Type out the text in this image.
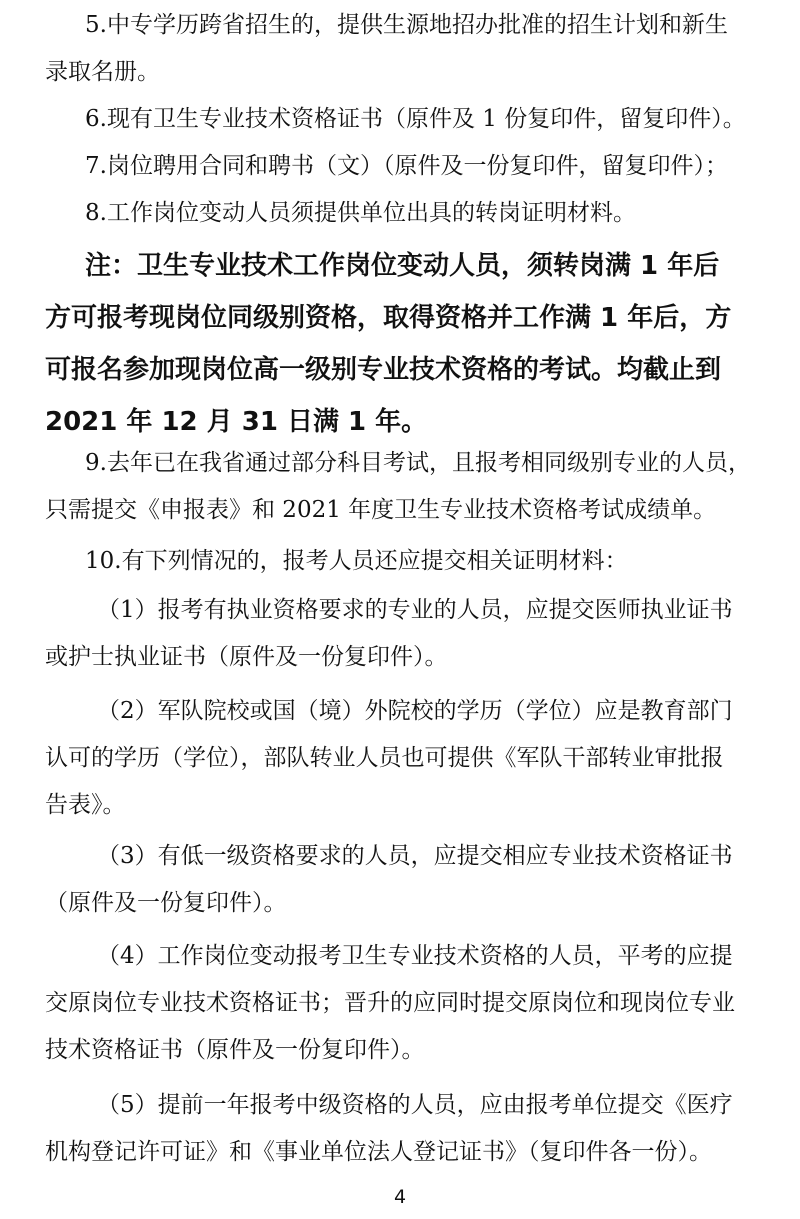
5.中专学历跨省招生的，提供生源地招办批准的招生计划和新生
录取名册。

6.现有卫生专业技术资格证书（原件及 1 份复印件，留复印件）。

7.岗位聘用合同和聘书（文）（原件及一份复印件，留复印件）；

8.工作岗位变动人员须提供单位出具的转岗证明材料。

注：卫生专业技术工作岗位变动人员，须转岗满 1 年后
方可报考现岗位同级别资格，取得资格并工作满 1 年后，方
可报名参加现岗位高一级别专业技术资格的考试。均截止到
2021 年 12 月 31 日满 1 年。

9.去年已在我省通过部分科目考试，且报考相同级别专业的人员，
只需提交《申报表》和 2021 年度卫生专业技术资格考试成绩单。

10.有下列情况的，报考人员还应提交相关证明材料：

（1）报考有执业资格要求的专业的人员，应提交医师执业证书
或护士执业证书（原件及一份复印件）。

（2）军队院校或国（境）外院校的学历（学位）应是教育部门
认可的学历（学位），部队转业人员也可提供《军队干部转业审批报
告表》。

（3）有低一级资格要求的人员，应提交相应专业技术资格证书
（原件及一份复印件）。

（4）工作岗位变动报考卫生专业技术资格的人员，平考的应提
交原岗位专业技术资格证书；晋升的应同时提交原岗位和现岗位专业
技术资格证书（原件及一份复印件）。

（5）提前一年报考中级资格的人员，应由报考单位提交《医疗
机构登记许可证》和《事业单位法人登记证书》（复印件各一份）。

4
